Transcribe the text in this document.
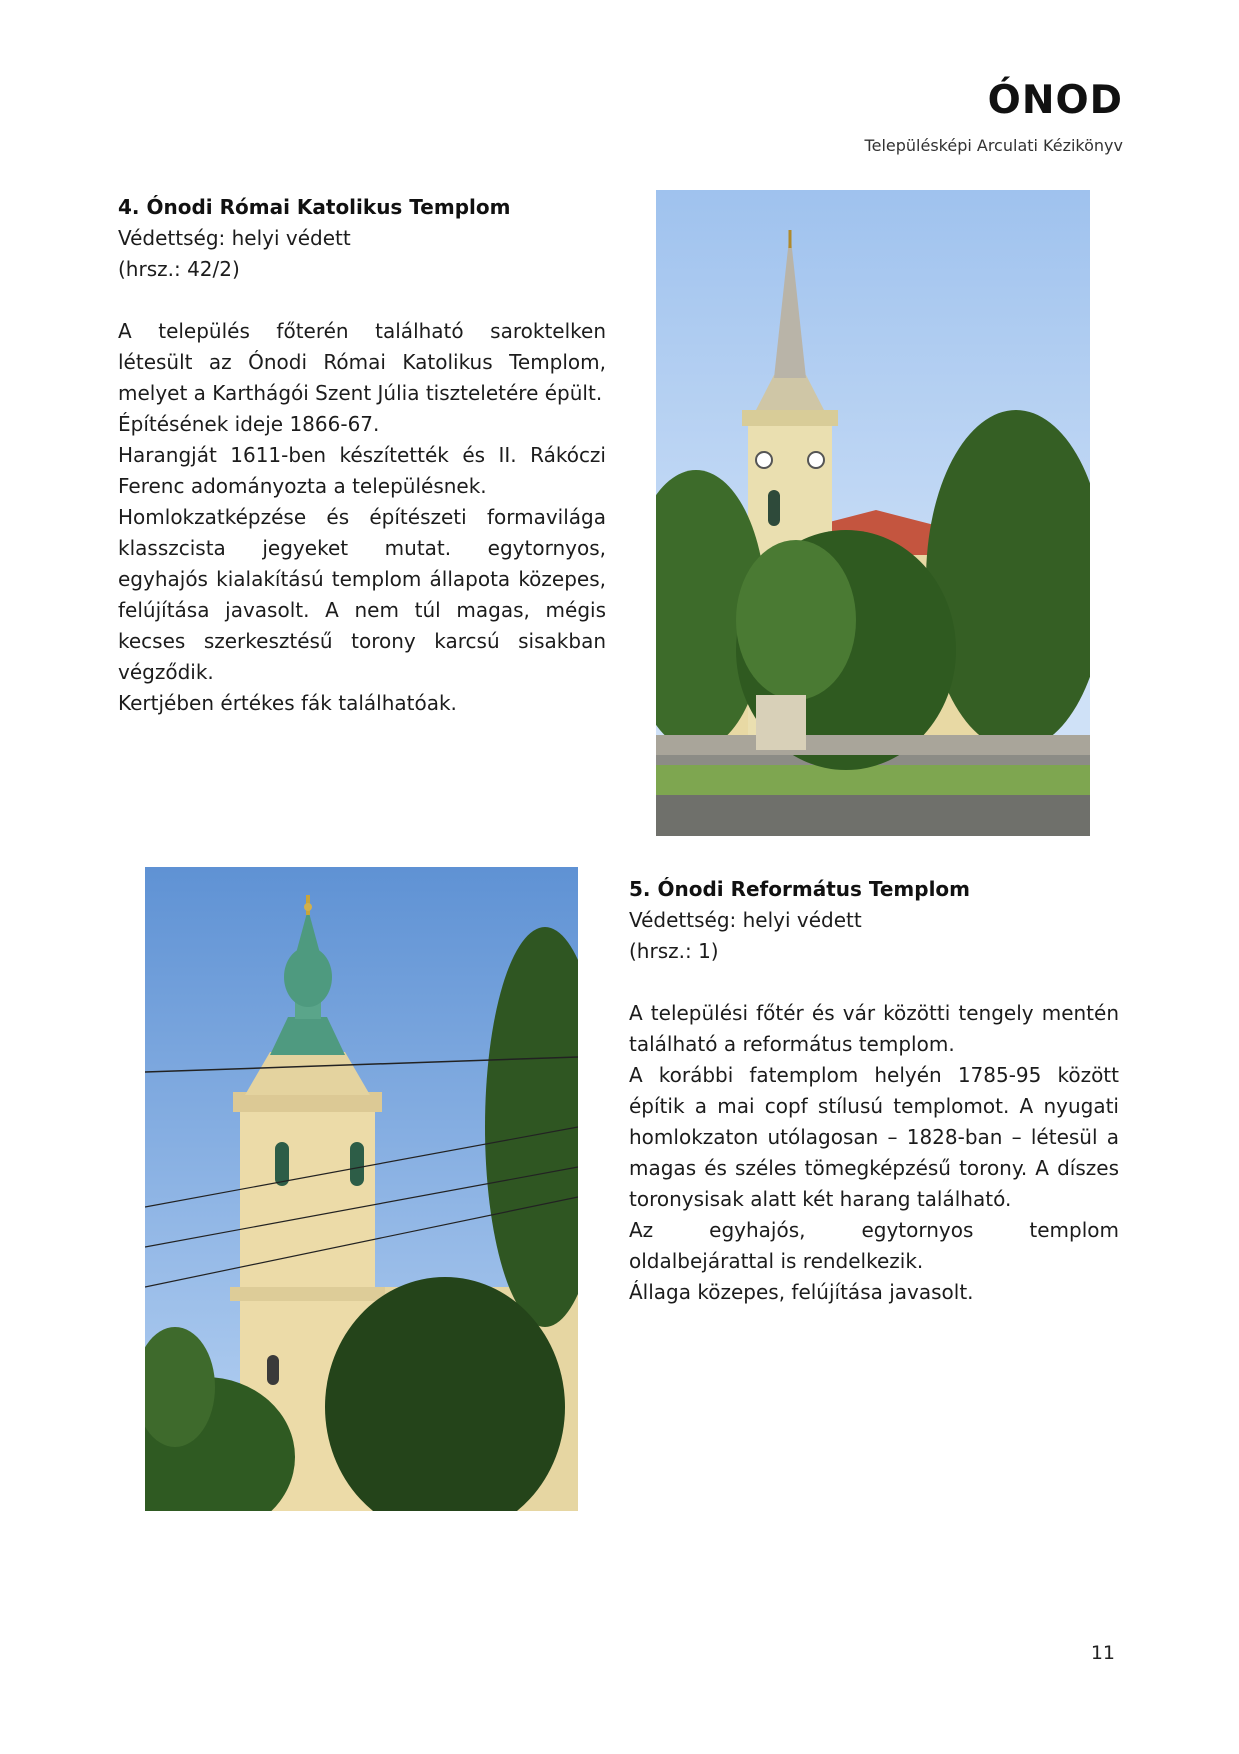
ÓNOD
Településképi Arculati Kézikönyv
4. Ónodi Római Katolikus Templom

Védettség: helyi védett

(hrsz.: 42/2)

A település főterén található saroktelken létesült az Ónodi Római Katolikus Templom, melyet a Karthágói Szent Júlia tiszteletére épült.

Építésének ideje 1866-67.

Harangját 1611-ben készítették és II. Rákóczi Ferenc adományozta a településnek.

Homlokzatképzése és építészeti formavilága klasszcista jegyeket mutat. egytornyos, egyhajós kialakítású templom állapota közepes, felújítása javasolt. A nem túl magas, mégis kecses szerkesztésű torony karcsú sisakban végződik.

Kertjében értékes fák találhatóak.

5. Ónodi Református Templom

Védettség: helyi védett

(hrsz.: 1)

A települési főtér és vár közötti tengely mentén található a református templom.

A korábbi fatemplom helyén 1785-95 között építik a mai copf stílusú templomot. A nyugati homlokzaton utólagosan – 1828-ban – létesül a magas és széles tömegképzésű torony. A díszes toronysisak alatt két harang található.

Az egyhajós, egytornyos templom oldalbejárattal is rendelkezik.

Állaga közepes, felújítása javasolt.

11
